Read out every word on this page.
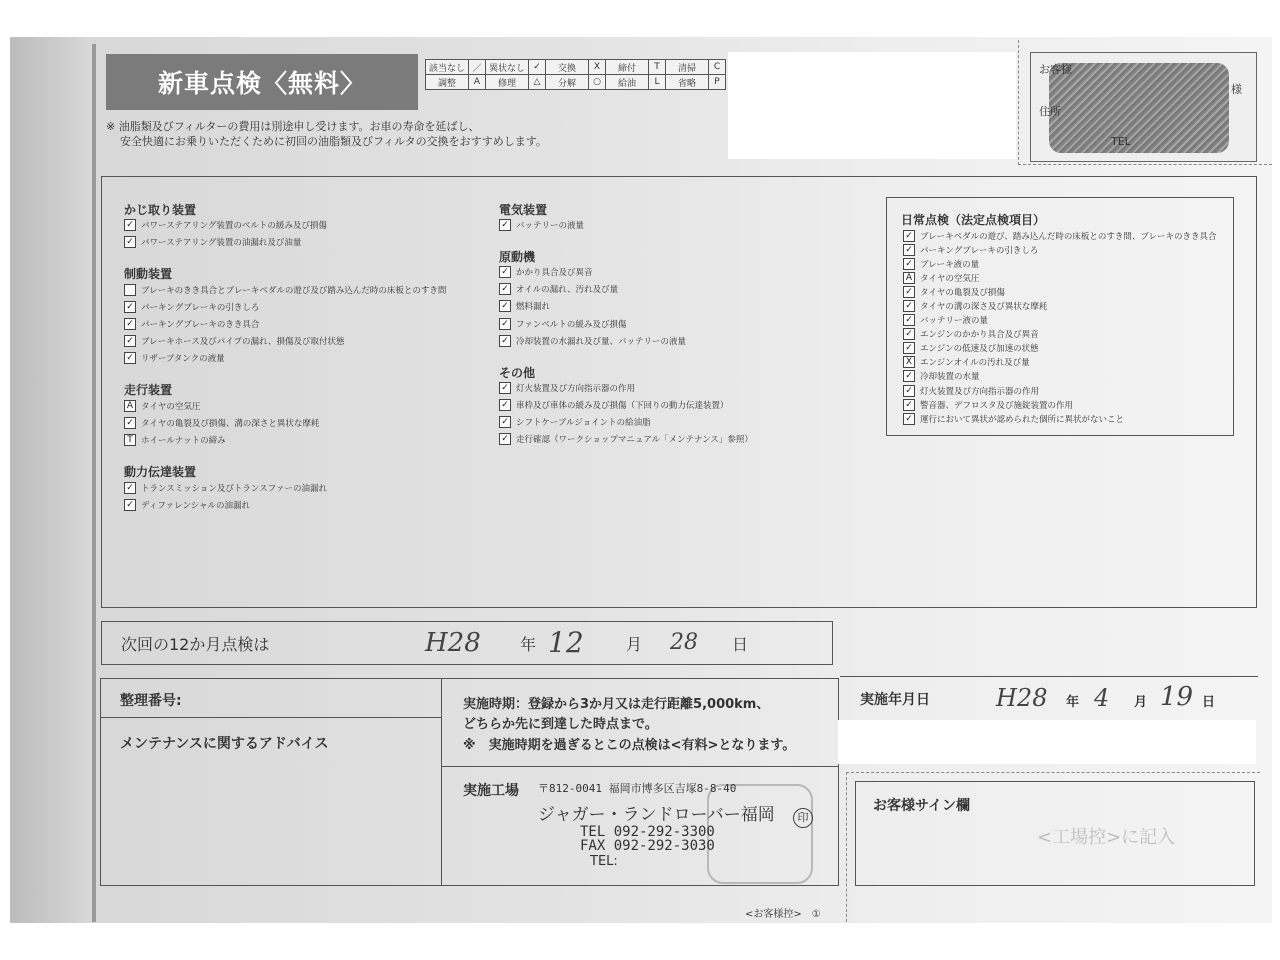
新車点検〈無料〉
該当なし	／	異状なし	✓	交換	X	締付	T	清掃	C
調整	A	修理	△	分解	○	給油	L	省略	P
※ 油脂類及びフィルターの費用は別途申し受けます。お車の寿命を延ばし、
安全快適にお乗りいただくために初回の油脂類及びフィルタの交換をおすすめします。
お客様
様
住所
TEL
かじ取り装置
✓ パワーステアリング装置のベルトの緩み及び損傷
✓ パワーステアリング装置の油漏れ及び油量
制動装置
ブレーキのきき具合とブレーキペダルの遊び及び踏み込んだ時の床板とのすき間
✓ パーキングブレーキの引きしろ
✓ パーキングブレーキのきき具合
✓ ブレーキホース及びパイプの漏れ、損傷及び取付状態
✓ リザーブタンクの液量
走行装置
A タイヤの空気圧
✓ タイヤの亀裂及び損傷、溝の深さと異状な摩耗
T ホイールナットの締み
動力伝達装置
✓ トランスミッション及びトランスファーの油漏れ
✓ ディファレンシャルの油漏れ
電気装置
✓ バッテリーの液量
原動機
✓ かかり具合及び異音
✓ オイルの漏れ、汚れ及び量
✓ 燃料漏れ
✓ ファンベルトの緩み及び損傷
✓ 冷却装置の水漏れ及び量、バッテリーの液量
その他
✓ 灯火装置及び方向指示器の作用
✓ 車枠及び車体の緩み及び損傷（下回りの動力伝達装置）
✓ シフトケーブルジョイントの給油脂
✓ 走行確認（ワークショップマニュアル「メンテナンス」参照）
日常点検（法定点検項目）
✓ ブレーキペダルの遊び、踏み込んだ時の床板とのすき間、ブレーキのきき具合
✓ パーキングブレーキの引きしろ
✓ ブレーキ液の量
A タイヤの空気圧
✓ タイヤの亀裂及び損傷
✓ タイヤの溝の深さ及び異状な摩耗
✓ バッテリー液の量
✓ エンジンのかかり具合及び異音
✓ エンジンの低速及び加速の状態
X エンジンオイルの汚れ及び量
✓ 冷却装置の水量
✓ 灯火装置及び方向指示器の作用
✓ 警音器、デフロスタ及び施錠装置の作用
✓ 運行において異状が認められた個所に異状がないこと
次回の12か月点検は	H28 年 12	月 28 日
整理番号:
メンテナンスに関するアドバイス
実施時期：登録から3か月又は走行距離5,000km、
どちらか先に到達した時点まで。
※　実施時期を過ぎるとこの点検は<有料>となります。
実施工場 〒812-0041 福岡市博多区吉塚8-8-40
ジャガー・ランドローバー福岡
TEL 092-292-3300
FAX 092-292-3030
TEL:
印
実施年月日	H28 年 4 月 19 日
お客様サイン欄
<工場控>に記入
<お客様控>　①
